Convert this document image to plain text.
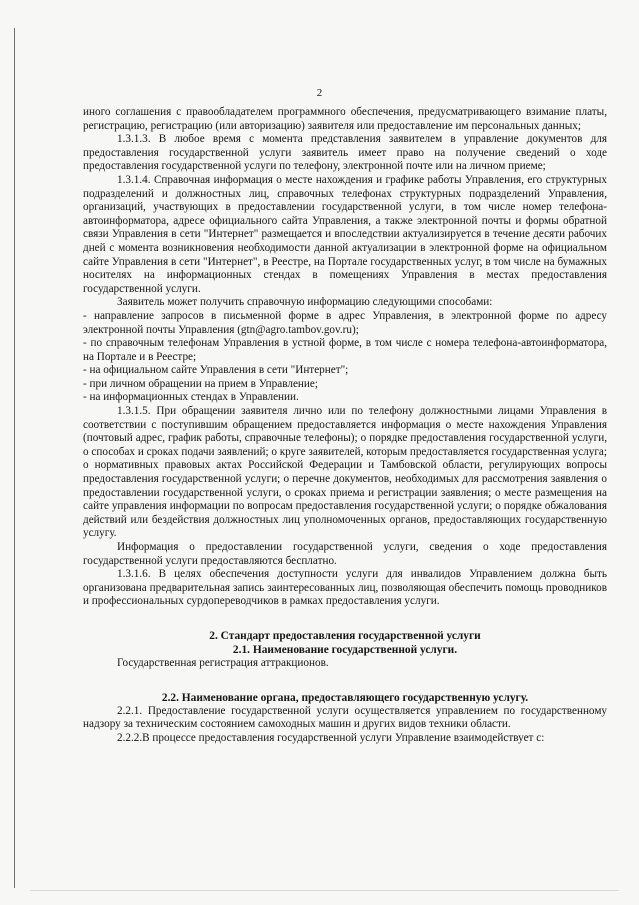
2

иного соглашения с правообладателем программного обеспечения, предусматривающего взимание платы, регистрацию, регистрацию (или авторизацию) заявителя или предоставление им персональных данных;

1.3.1.3. В любое время с момента представления заявителем в управление документов для предоставления государственной услуги заявитель имеет право на получение сведений о ходе предоставления государственной услуги по телефону, электронной почте или на личном приеме;

1.3.1.4. Справочная информация о месте нахождения и графике работы Управления, его структурных подразделений и должностных лиц, справочных телефонах структурных подразделений Управления, организаций, участвующих в предоставлении государственной услуги, в том числе номер телефона-автоинформатора, адресе официального сайта Управления, а также электронной почты и формы обратной связи Управления в сети "Интернет" размещается и впоследствии актуализируется в течение десяти рабочих дней с момента возникновения необходимости данной актуализации в электронной форме на официальном сайте Управления в сети "Интернет", в Реестре, на Портале государственных услуг, в том числе на бумажных носителях на информационных стендах в помещениях Управления в местах предоставления государственной услуги.

Заявитель может получить справочную информацию следующими способами:

- направление запросов в письменной форме в адрес Управления, в электронной форме по адресу электронной почты Управления (gtn@agro.tambov.gov.ru);

- по справочным телефонам Управления в устной форме, в том числе с номера телефона-автоинформатора, на Портале и в Реестре;

- на официальном сайте Управления в сети "Интернет";

- при личном обращении на прием в Управление;

- на информационных стендах в Управлении.

1.3.1.5. При обращении заявителя лично или по телефону должностными лицами Управления в соответствии с поступившим обращением предоставляется информация о месте нахождения Управления (почтовый адрес, график работы, справочные телефоны); о порядке предоставления государственной услуги, о способах и сроках подачи заявлений; о круге заявителей, которым предоставляется государственная услуга; о нормативных правовых актах Российской Федерации и Тамбовской области, регулирующих вопросы предоставления государственной услуги; о перечне документов, необходимых для рассмотрения заявления о предоставлении государственной услуги, о сроках приема и регистрации заявления; о месте размещения на сайте управления информации по вопросам предоставления государственной услуги; о порядке обжалования действий или бездействия должностных лиц уполномоченных органов, предоставляющих государственную услугу.

Информация о предоставлении государственной услуги, сведения о ходе предоставления государственной услуги предоставляются бесплатно.

1.3.1.6. В целях обеспечения доступности услуги для инвалидов Управлением должна быть организована предварительная запись заинтересованных лиц, позволяющая обеспечить помощь проводников и профессиональных сурдопереводчиков в рамках предоставления услуги.

2. Стандарт предоставления государственной услуги
2.1. Наименование государственной услуги.

Государственная регистрация аттракционов.

2.2. Наименование органа, предоставляющего государственную услугу.

2.2.1. Предоставление государственной услуги осуществляется управлением по государственному надзору за техническим состоянием самоходных машин и других видов техники области.

2.2.2.В процессе предоставления государственной услуги Управление взаимодействует с:
